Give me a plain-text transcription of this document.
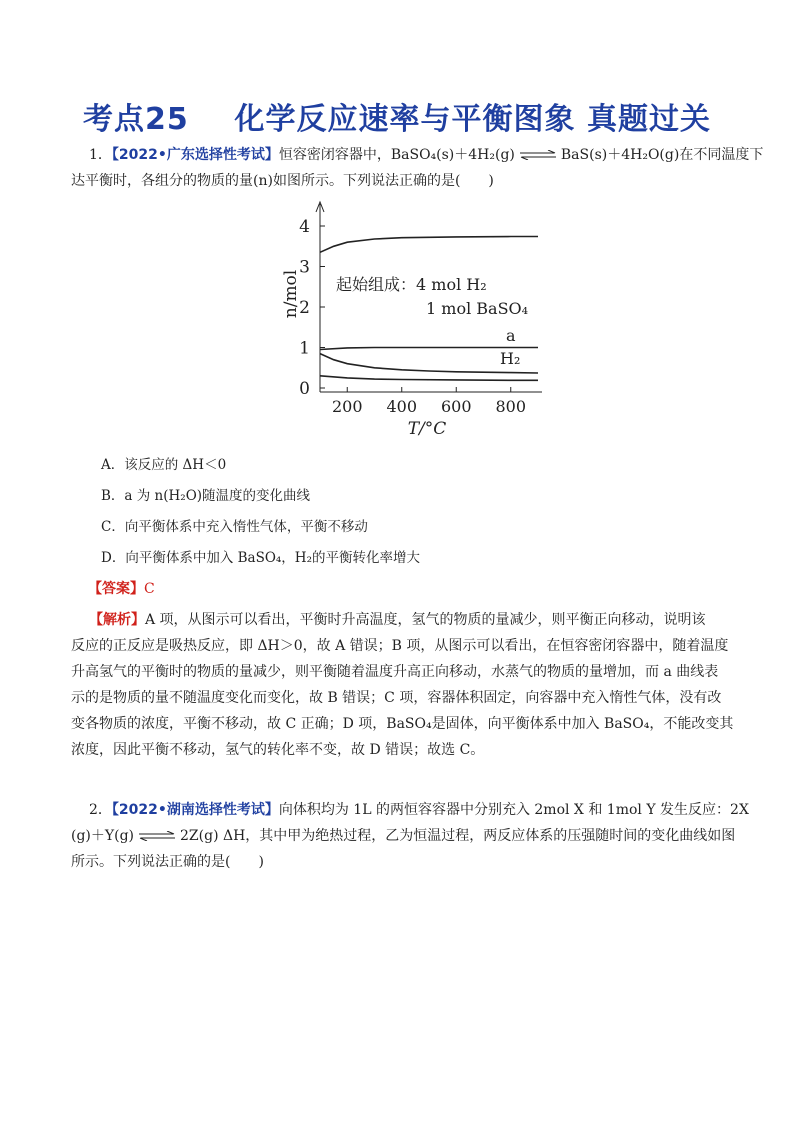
考点25    化学反应速率与平衡图象 真题过关
1．【2022•广东选择性考试】恒容密闭容器中，BaSO₄(s)＋4H₂(g) ⇌ BaS(s)＋4H₂O(g)在不同温度下
达平衡时，各组分的物质的量(n)如图所示。下列说法正确的是(　　)
0
1
2
3
4
200 400 600 800
T/°C
n/mol 起始组成：4 mol H₂
1 mol BaSO₄
a
H₂
A．该反应的 ΔH＜0
B．a 为 n(H₂O)随温度的变化曲线
C．向平衡体系中充入惰性气体，平衡不移动
D．向平衡体系中加入 BaSO₄，H₂的平衡转化率增大
【答案】C
【解析】A 项，从图示可以看出，平衡时升高温度，氢气的物质的量减少，则平衡正向移动，说明该
反应的正反应是吸热反应，即 ΔH＞0，故 A 错误；B 项，从图示可以看出，在恒容密闭容器中，随着温度
升高氢气的平衡时的物质的量减少，则平衡随着温度升高正向移动，水蒸气的物质的量增加，而 a 曲线表
示的是物质的量不随温度变化而变化，故 B 错误；C 项，容器体积固定，向容器中充入惰性气体，没有改
变各物质的浓度，平衡不移动，故 C 正确；D 项，BaSO₄是固体，向平衡体系中加入 BaSO₄，不能改变其
浓度，因此平衡不移动，氢气的转化率不变，故 D 错误；故选 C。
2．【2022•湖南选择性考试】向体积均为 1L 的两恒容容器中分别充入 2mol X 和 1mol Y 发生反应：2X
(g)＋Y(g) ⇌ 2Z(g) ΔH，其中甲为绝热过程，乙为恒温过程，两反应体系的压强随时间的变化曲线如图
所示。下列说法正确的是(　　)
